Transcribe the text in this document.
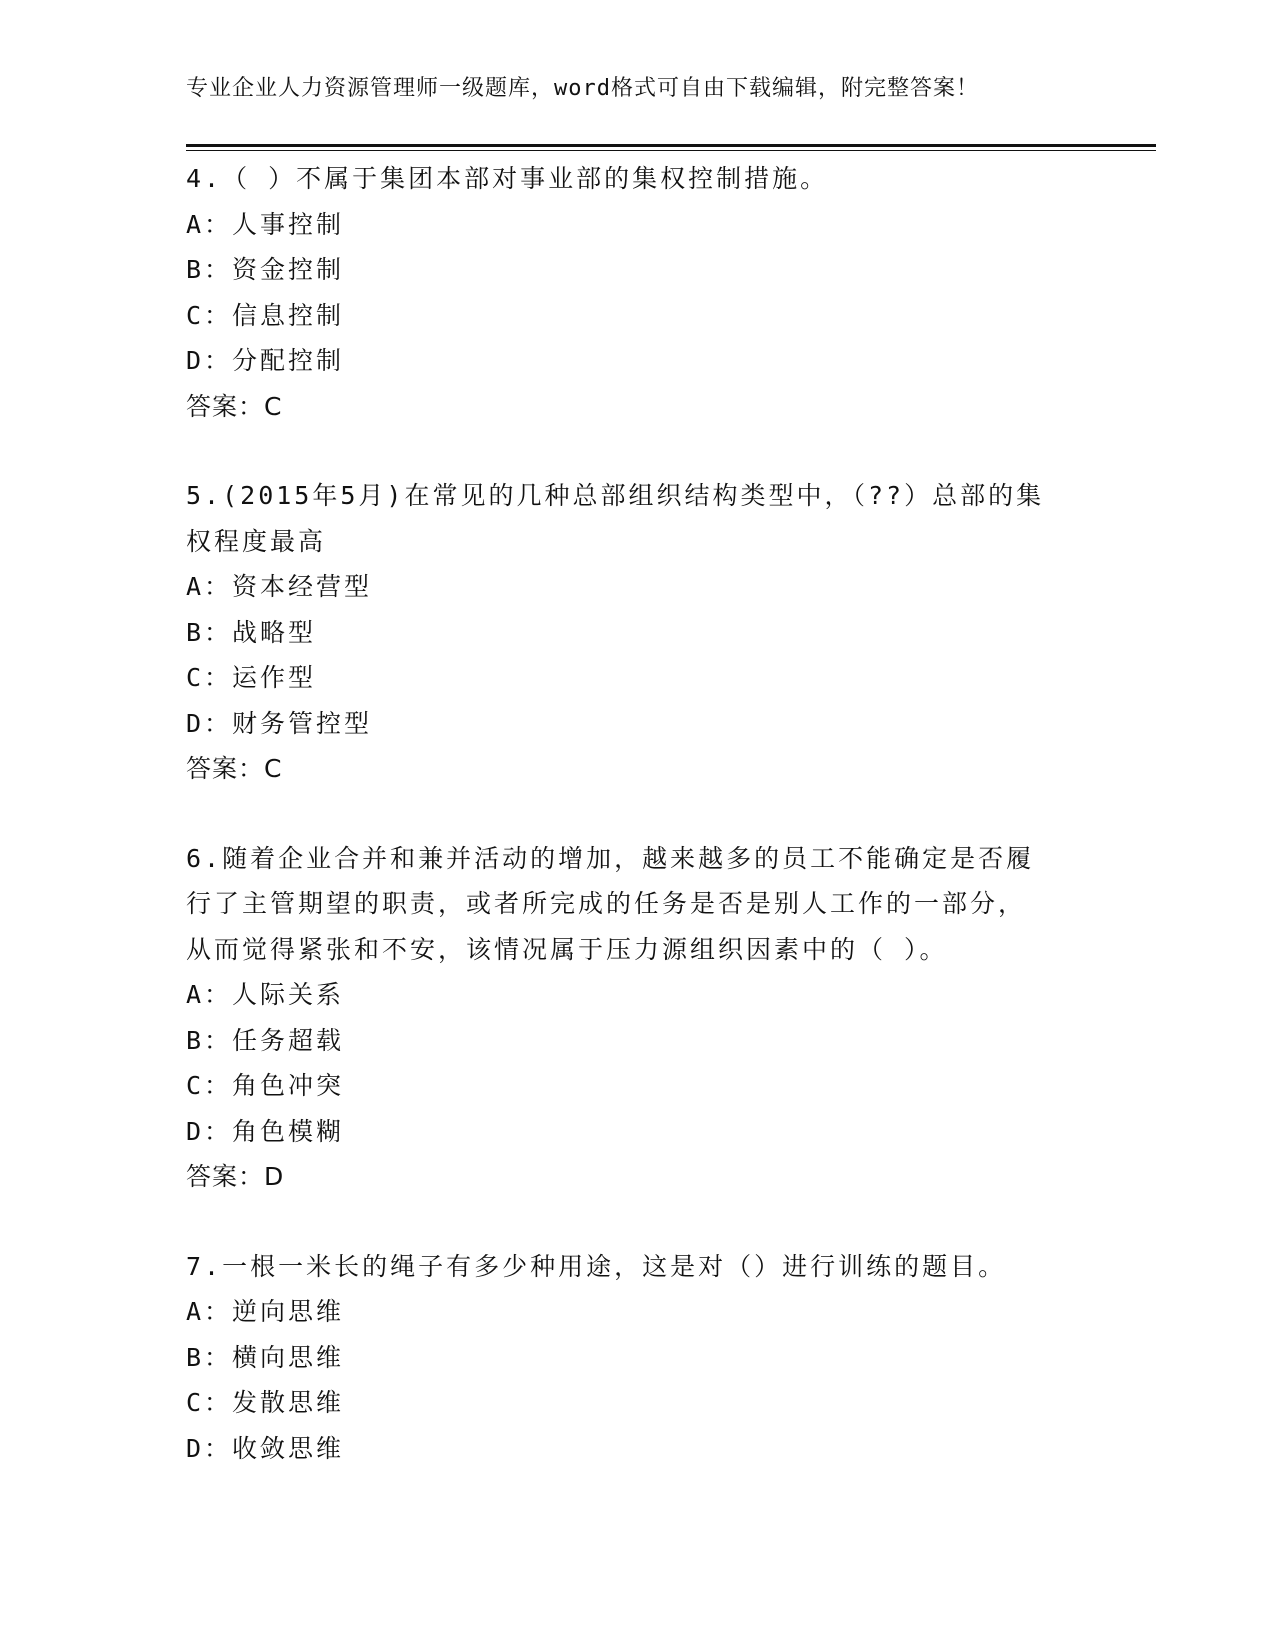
专业企业人力资源管理师一级题库，word格式可自由下载编辑，附完整答案！
4.（ ）不属于集团本部对事业部的集权控制措施。
A：人事控制
B：资金控制
C：信息控制
D：分配控制
答案：C
5.(2015年5月)在常见的几种总部组织结构类型中，（??）总部的集
权程度最高
A：资本经营型
B：战略型
C：运作型
D：财务管控型
答案：C
6.随着企业合并和兼并活动的增加，越来越多的员工不能确定是否履
行了主管期望的职责，或者所完成的任务是否是别人工作的一部分，
从而觉得紧张和不安，该情况属于压力源组织因素中的（ ）。
A：人际关系
B：任务超载
C：角色冲突
D：角色模糊
答案：D
7.一根一米长的绳子有多少种用途，这是对（）进行训练的题目。
A：逆向思维
B：横向思维
C：发散思维
D：收敛思维
